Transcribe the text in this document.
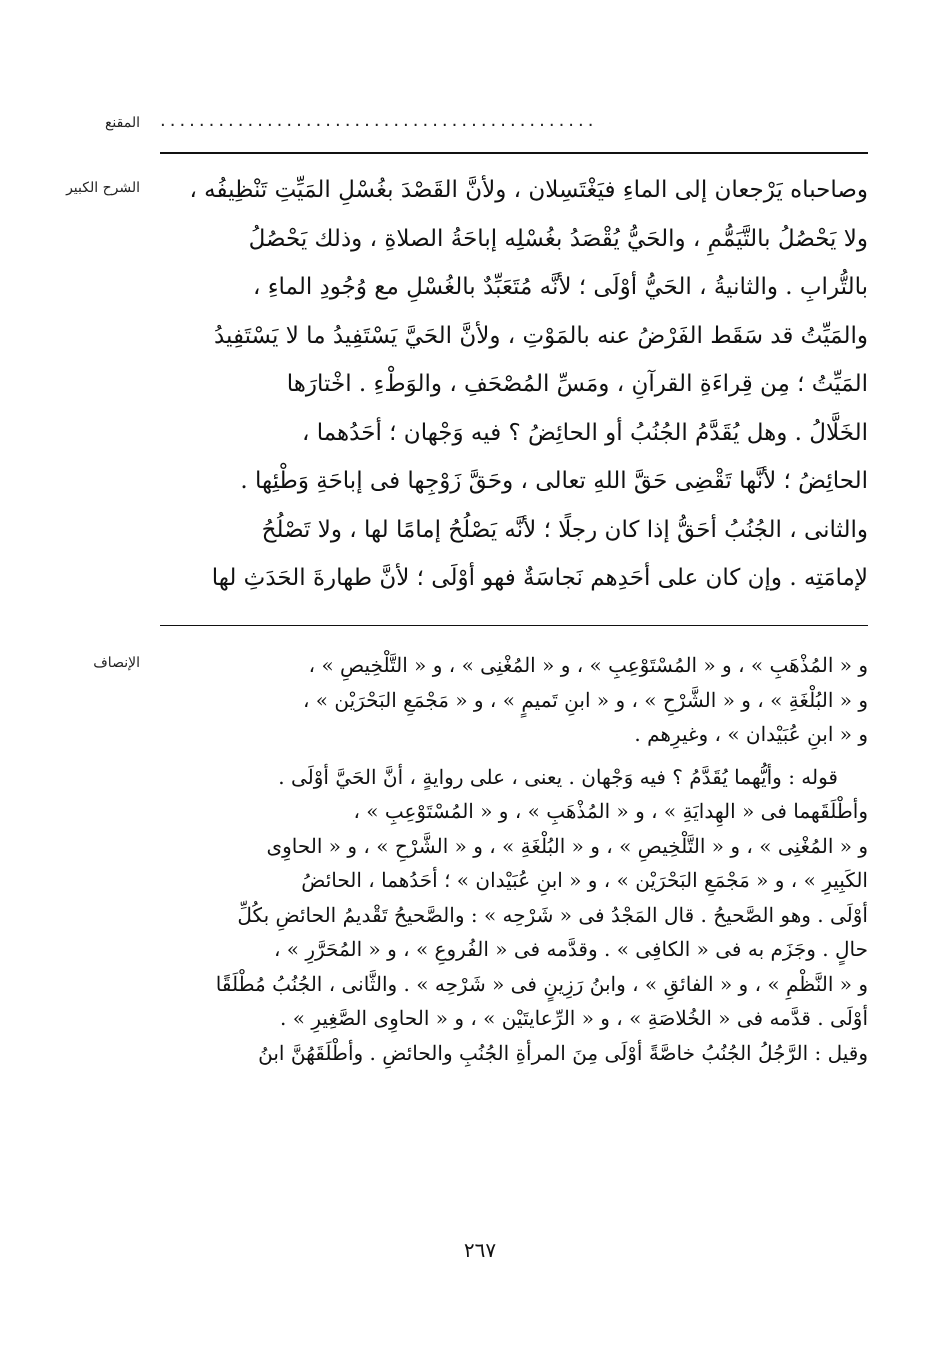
المقنع .............................................
الشرح الكبير	وصاحباه يَرْجعان إلى الماءِ فيَغْتَسِلان ، ولأنَّ القَصْدَ بغُسْلِ المَيِّتِ تَنْظِيفُه ،

ولا يَحْصُلُ بالتَّيَمُّمِ ، والحَيُّ يُقْصَدُ بغُسْلِه إباحَةُ الصلاةِ ، وذلك يَحْصُلُ

بالتُّرابِ . والثانيةُ ، الحَيُّ أوْلَى ؛ لأنَّه مُتَعَبِّدٌ بالغُسْلِ مع وُجُودِ الماءِ ،

والمَيِّتُ قد سَقَط الفَرْضُ عنه بالمَوْتِ ، ولأنَّ الحَيَّ يَسْتَفِيدُ ما لا يَسْتَفِيدُ

المَيِّتُ ؛ مِن قِراءَةِ القرآنِ ، ومَسِّ المُصْحَفِ ، والوَطْءِ . اخْتارَها

الخَلَّالُ . وهل يُقَدَّمُ الجُنُبُ أو الحائِضُ ؟ فيه وَجْهان ؛ أحَدُهما ،

الحائِضُ ؛ لأنَّها تَقْضِى حَقَّ اللهِ تعالى ، وحَقَّ زَوْجِها فى إباحَةِ وَطْئِها .

والثانى ، الجُنُبُ أحَقُّ إذا كان رجلًا ؛ لأنَّه يَصْلُحُ إمامًا لها ، ولا تَصْلُحُ

لإمامَتِه . وإن كان على أحَدِهم نَجاسَةٌ فهو أوْلَى ؛ لأنَّ طهارةَ الحَدَثِ لها

الإنصاف	و « المُذْهَبِ » ، و « المُسْتَوْعِبِ » ، و « المُغْنِى » ، و « التَّلْخِيصِ » ،

و « البُلْغَةِ » ، و « الشَّرْحِ » ، و « ابنِ تَميمٍ » ، و « مَجْمَعِ البَحْرَيْن » ،

و « ابنِ عُبَيْدان » ، وغيرِهم .

قوله : وأيُّهما يُقَدَّمُ ؟ فيه وَجْهان . يعنى ، على روايةٍ ، أنَّ الحَيَّ أوْلَى .

وأطْلَقَهما فى « الهِدايَةِ » ، و « المُذْهَبِ » ، و « المُسْتَوْعِبِ » ،

و « المُغْنِى » ، و « التَّلْخِيصِ » ، و « البُلْغَةِ » ، و « الشَّرْحِ » ، و « الحاوِى

الكَبِيرِ » ، و « مَجْمَعِ البَحْرَيْن » ، و « ابنِ عُبَيْدان » ؛ أحَدُهما ، الحائضُ

أوْلَى . وهو الصَّحيحُ . قال المَجْدُ فى « شَرْحِه » : والصَّحيحُ تَقْديمُ الحائضِ بكُلِّ

حالٍ . وجَزَم به فى « الكافِى » . وقدَّمه فى « الفُروعِ » ، و « المُحَرَّرِ » ،

و « النَّظْمِ » ، و « الفائقِ » ، وابنُ رَزِينٍ فى « شَرْحِه » . والثَّانى ، الجُنُبُ مُطْلَقًا

أوْلَى . قدَّمه فى « الخُلاصَةِ » ، و « الرِّعايتَيْن » ، و « الحاوِى الصَّغِيرِ » .

وقيل : الرَّجُلُ الجُنُبُ خاصَّةً أوْلَى مِنَ المرأةِ الجُنُبِ والحائضِ . وأطْلَقَهُنَّ ابنُ

٢٦٧
